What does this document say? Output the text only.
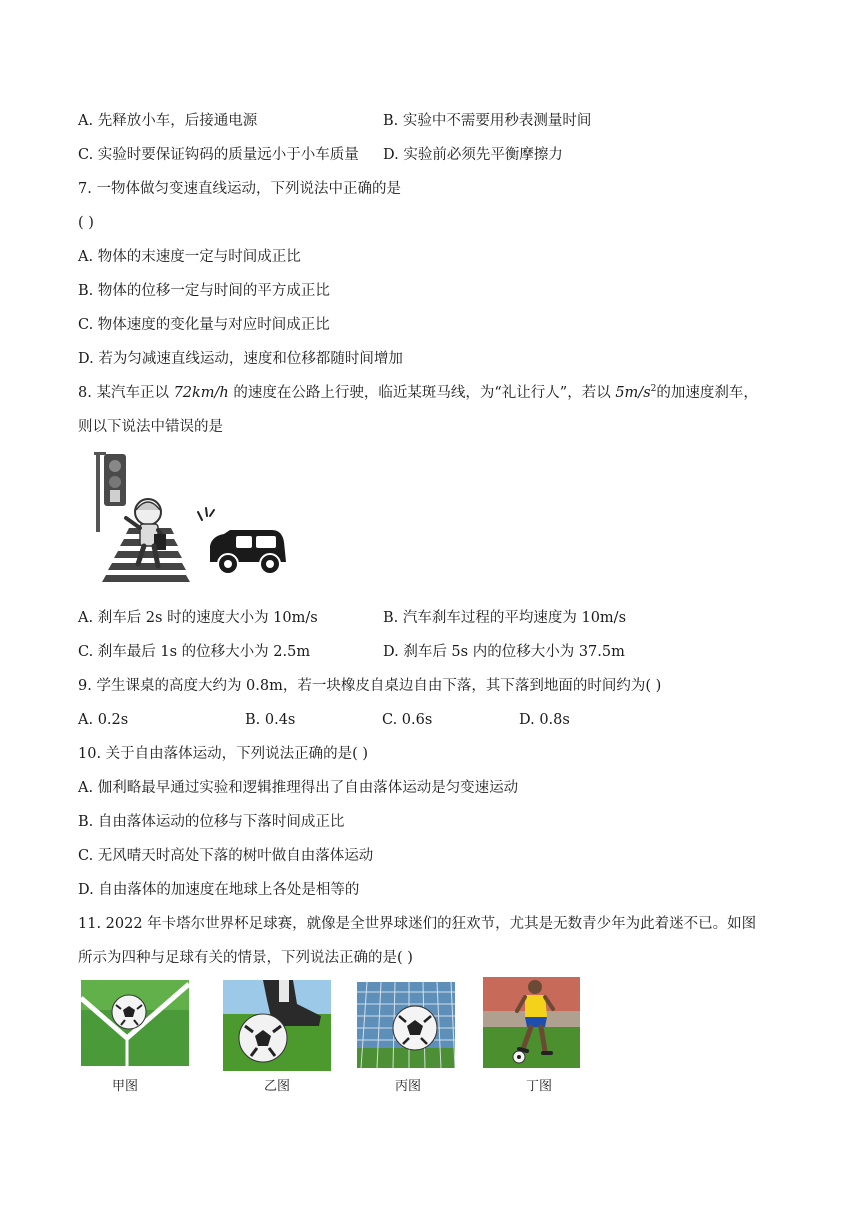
A. 先释放小车，后接通电源	B. 实验中不需要用秒表测量时间
C. 实验时要保证钩码的质量远小于小车质量 D. 实验前必须先平衡摩擦力
7. 一物体做匀变速直线运动，下列说法中正确的是
( )
A. 物体的末速度一定与时间成正比
B. 物体的位移一定与时间的平方成正比
C. 物体速度的变化量与对应时间成正比
D. 若为匀减速直线运动，速度和位移都随时间增加
8. 某汽车正以 72km/h 的速度在公路上行驶，临近某斑马线，为“礼让行人”，若以 $5m/s^2$的加速度刹车，
则以下说法中错误的是
A. 刹车后 2s 时的速度大小为 10m/s	B. 汽车刹车过程的平均速度为 10m/s
C. 刹车最后 1s 的位移大小为 2.5m	D. 刹车后 5s 内的位移大小为 37.5m
9. 学生课桌的高度大约为 0.8m，若一块橡皮自桌边自由下落，其下落到地面的时间约为( )
A. 0.2s	B. 0.4s	C. 0.6s	D. 0.8s
10. 关于自由落体运动，下列说法正确的是( )
A. 伽利略最早通过实验和逻辑推理得出了自由落体运动是匀变速运动
B. 自由落体运动的位移与下落时间成正比
C. 无风晴天时高处下落的树叶做自由落体运动
D. 自由落体的加速度在地球上各处是相等的
11. 2022 年卡塔尔世界杯足球赛，就像是全世界球迷们的狂欢节，尤其是无数青少年为此着迷不已。如图
所示为四种与足球有关的情景，下列说法正确的是( )
甲图	乙图	丙图	丁图
